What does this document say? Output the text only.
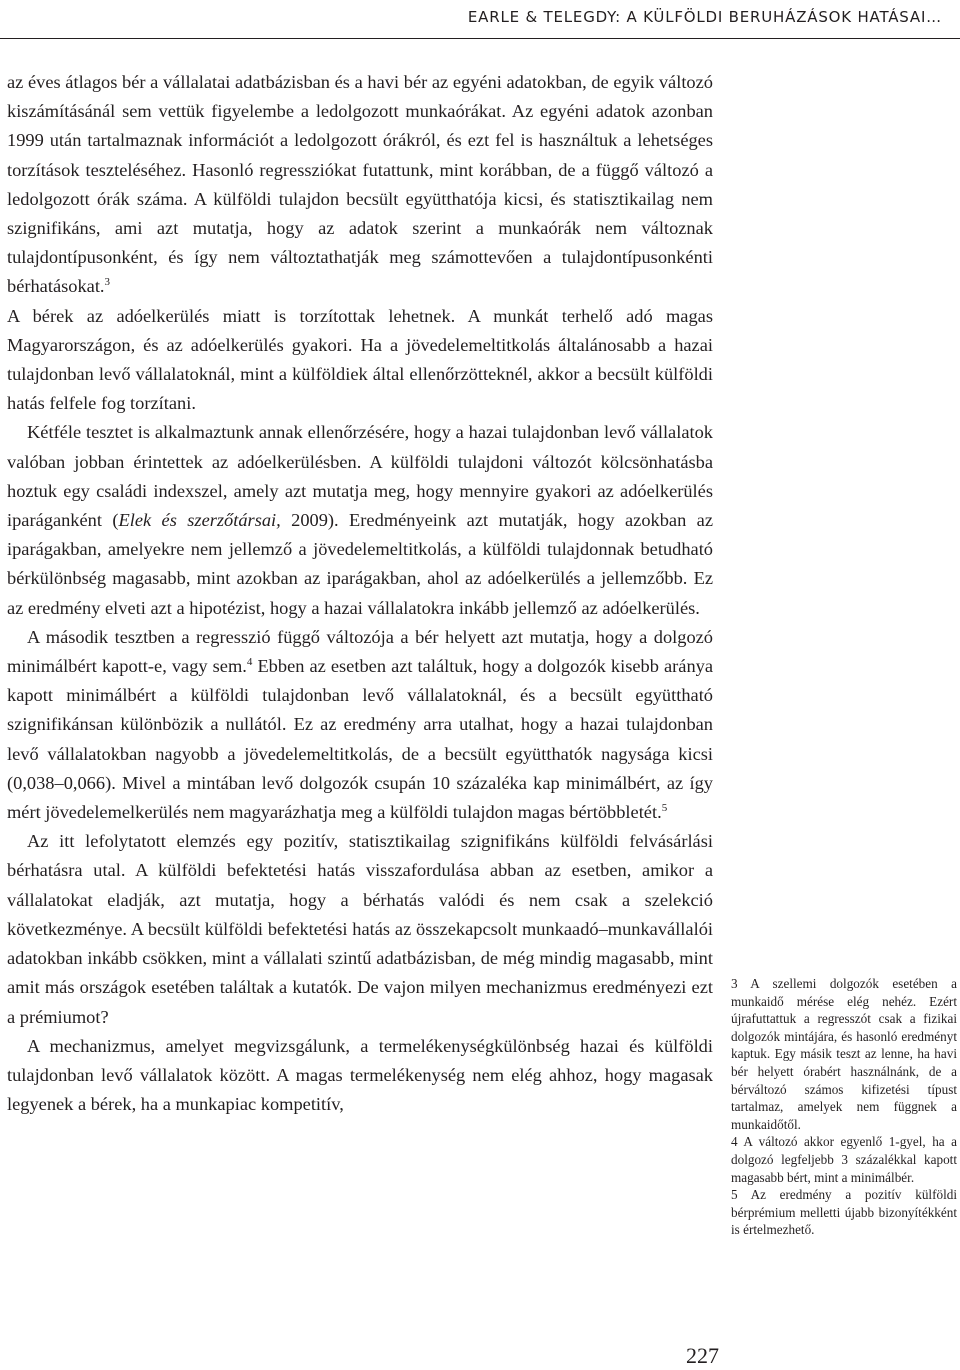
EARLE & TELEGDY: A KÜLFÖLDI BERUHÁZÁSOK HATÁSAI…

az éves átlagos bér a vállalatai adatbázisban és a havi bér az egyéni adatokban, de egyik változó kiszámításánál sem vettük figyelembe a ledolgozott munkaórákat. Az egyéni adatok azonban 1999 után tartalmaznak információt a ledolgozott órákról, és ezt fel is használtuk a lehetséges torzítások teszteléséhez. Hasonló regressziókat futattunk, mint korábban, de a függő változó a ledolgozott órák száma. A külföldi tulajdon becsült együtthatója kicsi, és statisztikailag nem szignifikáns, ami azt mutatja, hogy az adatok szerint a munkaórák nem változnak tulajdontípusonként, és így nem változtathatják meg számottevően a tulajdontípusonkénti bérhatásokat.$^3$

A bérek az adóelkerülés miatt is torzítottak lehetnek. A munkát terhelő adó magas Magyarországon, és az adóelkerülés gyakori. Ha a jövedelemeltitkolás általánosabb a hazai tulajdonban levő vállalatoknál, mint a külföldiek által ellenőrzötteknél, akkor a becsült külföldi hatás felfele fog torzítani.

Kétféle tesztet is alkalmaztunk annak ellenőrzésére, hogy a hazai tulajdonban levő vállalatok valóban jobban érintettek az adóelkerülésben. A külföldi tulajdoni változót kölcsönhatásba hoztuk egy családi indexszel, amely azt mutatja meg, hogy mennyire gyakori az adóelkerülés iparáganként (Elek és szerzőtársai, 2009). Eredményeink azt mutatják, hogy azokban az iparágakban, amelyekre nem jellemző a jövedelemeltitkolás, a külföldi tulajdonnak betudható bérkülönbség magasabb, mint azokban az iparágakban, ahol az adóelkerülés a jellemzőbb. Ez az eredmény elveti azt a hipotézist, hogy a hazai vállalatokra inkább jellemző az adóelkerülés.

A második tesztben a regresszió függő változója a bér helyett azt mutatja, hogy a dolgozó minimálbért kapott-e, vagy sem.$^4$ Ebben az esetben azt találtuk, hogy a dolgozók kisebb aránya kapott minimálbért a külföldi tulajdonban levő vállalatoknál, és a becsült együttható szignifikánsan különbözik a nullától. Ez az eredmény arra utalhat, hogy a hazai tulajdonban levő vállalatokban nagyobb a jövedelemeltitkolás, de a becsült együtthatók nagysága kicsi (0,038–0,066). Mivel a mintában levő dolgozók csupán 10 százaléka kap minimálbért, az így mért jövedelemelkerülés nem magyarázhatja meg a külföldi tulajdon magas bértöbbletét.$^5$

Az itt lefolytatott elemzés egy pozitív, statisztikailag szignifikáns külföldi felvásárlási bérhatásra utal. A külföldi befektetési hatás visszafordulása abban az esetben, amikor a vállalatokat eladják, azt mutatja, hogy a bérhatás valódi és nem csak a szelekció következménye. A becsült külföldi befektetési hatás az összekapcsolt munkaadó–munkavállalói adatokban inkább csökken, mint a vállalati szintű adatbázisban, de még mindig magasabb, mint amit más országok esetében találtak a kutatók. De vajon milyen mechanizmus eredményezi ezt a prémiumot?

A mechanizmus, amelyet megvizsgálunk, a termelékenységkülönbség hazai és külföldi tulajdonban levő vállalatok között. A magas termelékenység nem elég ahhoz, hogy magasak legyenek a bérek, ha a munkapiac kompetitív,

3 A szellemi dolgozók esetében a munkaidő mérése elég nehéz. Ezért újrafuttattuk a regresszót csak a fizikai dolgozók mintájára, és hasonló eredményt kaptuk. Egy másik teszt az lenne, ha havi bér helyett órabért használnánk, de a bérváltozó számos kifizetési típust tartalmaz, amelyek nem függnek a munkaidőtől.

4 A változó akkor egyenlő 1-gyel, ha a dolgozó legfeljebb 3 százalékkal kapott magasabb bért, mint a minimálbér.

5 Az eredmény a pozitív külföldi bérprémium melletti újabb bizonyítékként is értelmezhető.

227
